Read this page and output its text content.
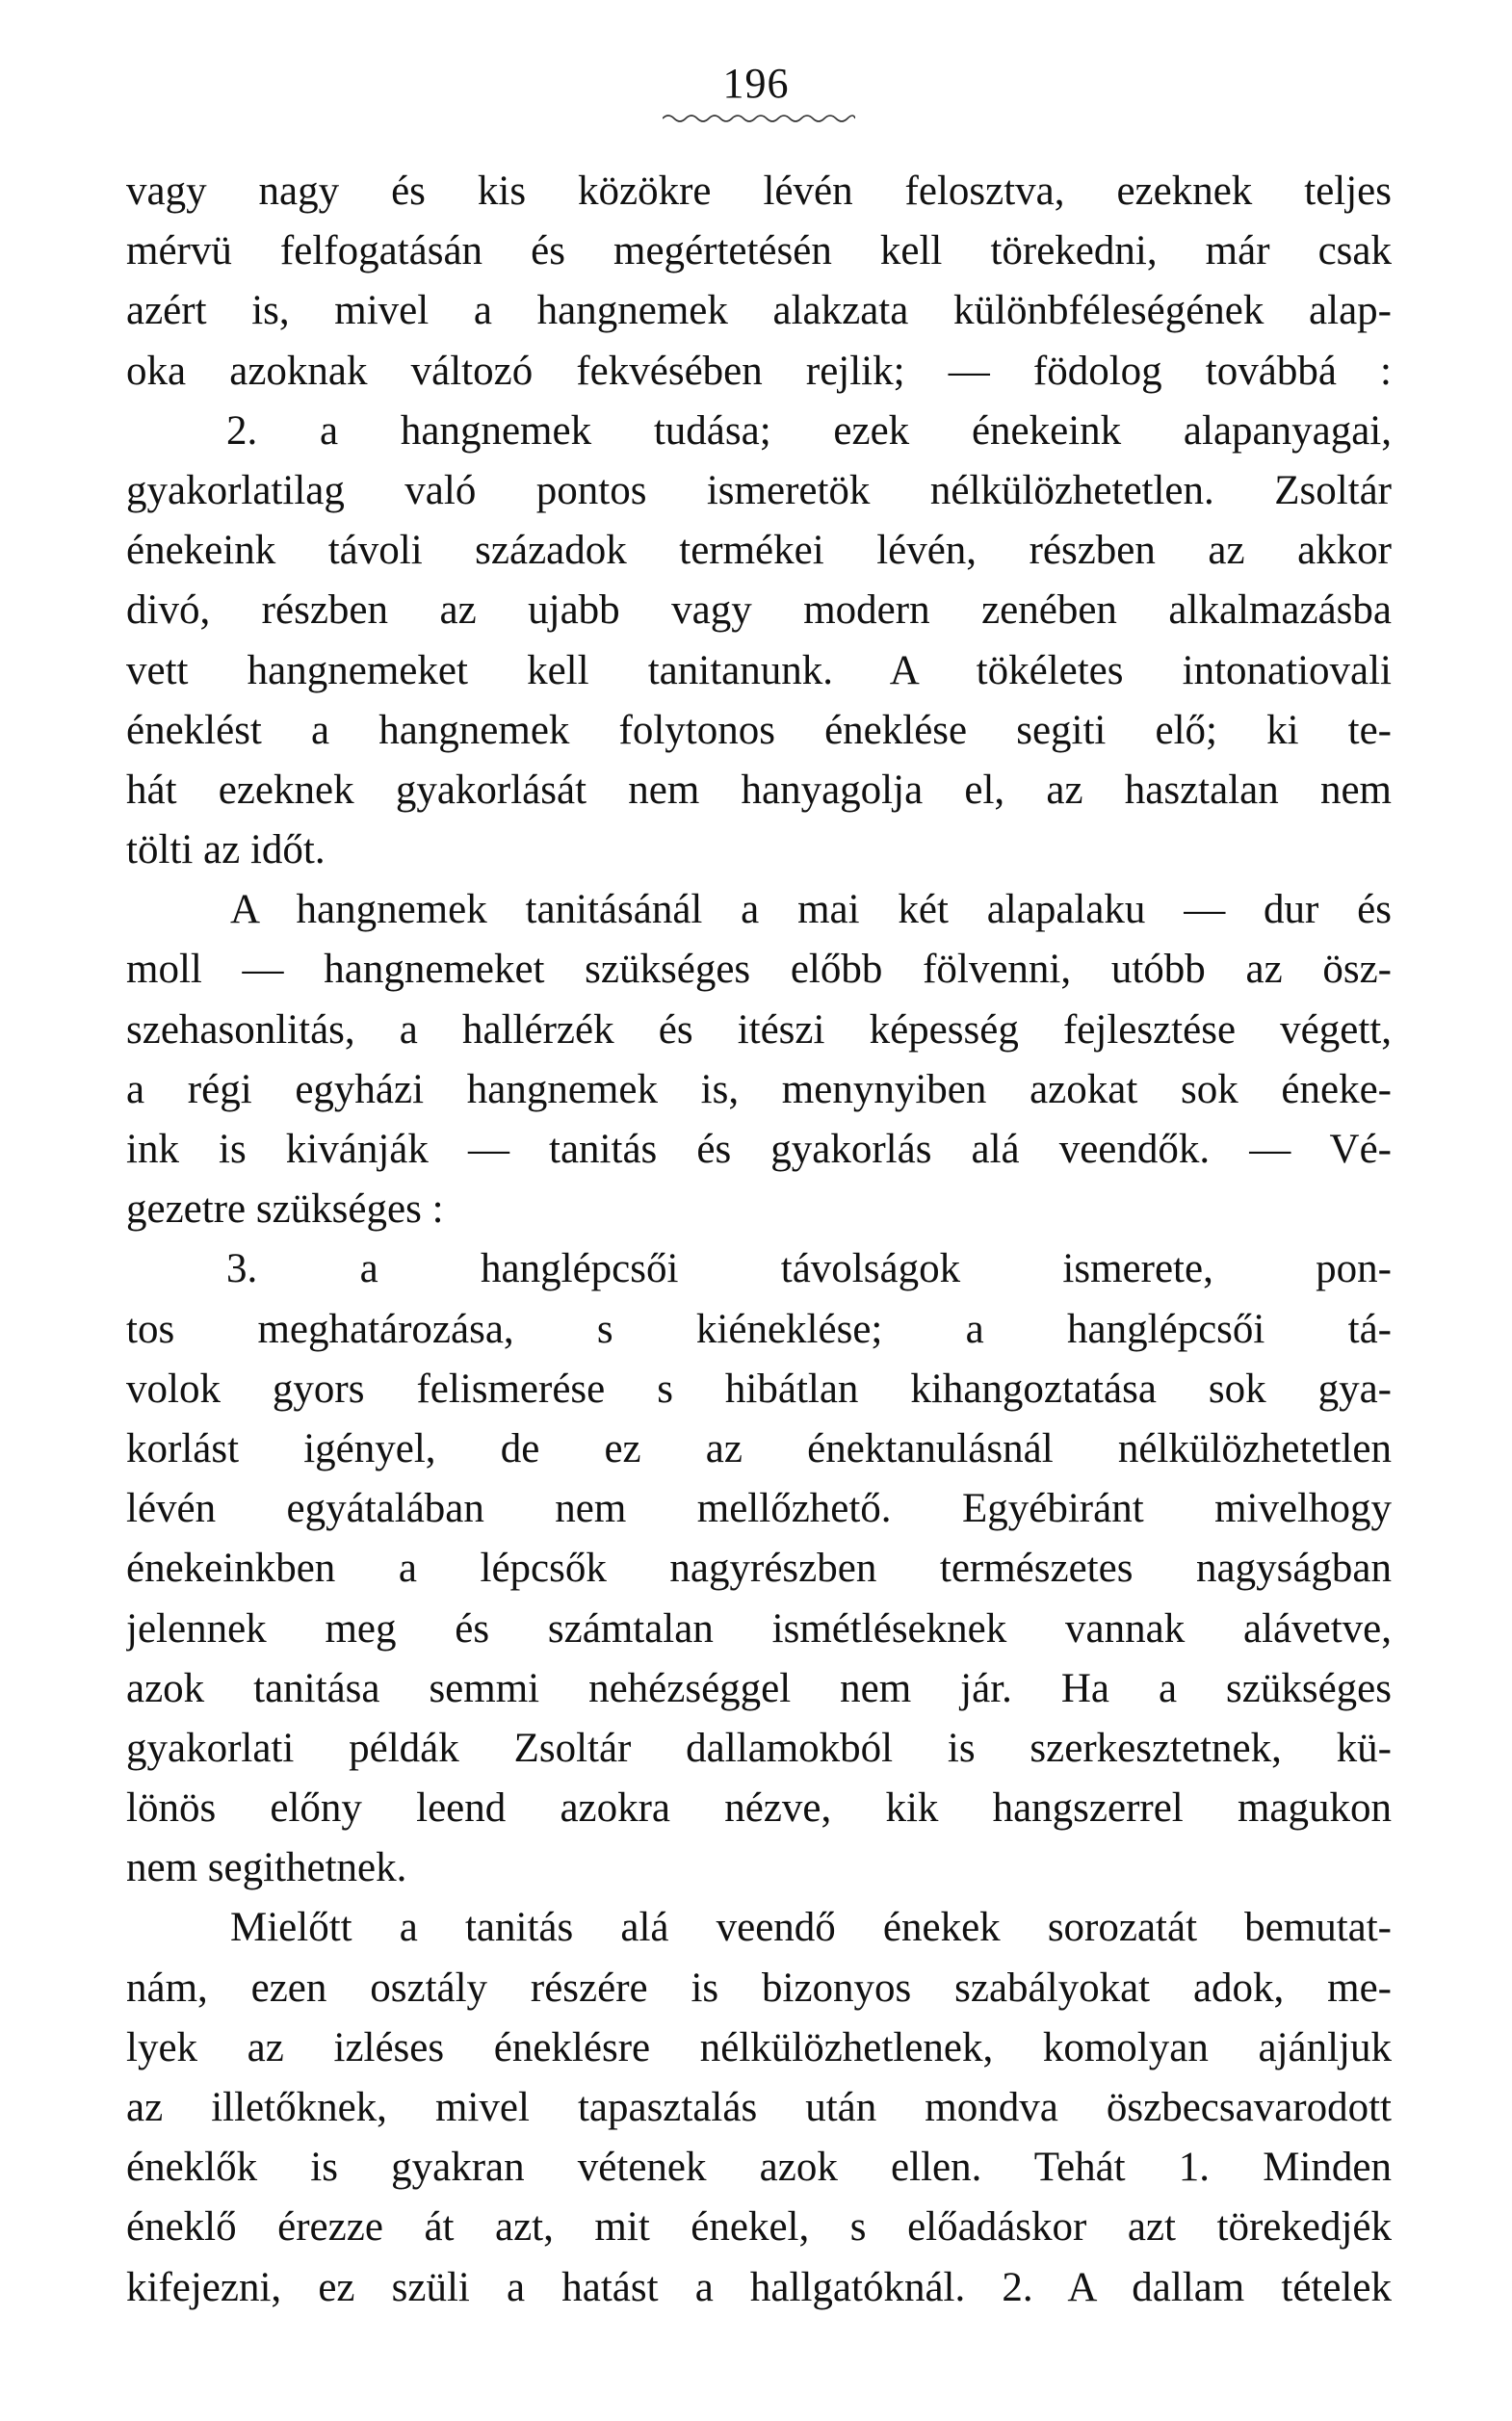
196
vagy nagy és kis közökre lévén felosztva, ezeknek teljes
mérvü felfogatásán és megértetésén kell törekedni, már csak
azért is, mivel a hangnemek alakzata különbféleségének alap-
oka azoknak változó fekvésében rejlik; — födolog továbbá :
2. a hangnemek tudása; ezek énekeink alapanyagai,
gyakorlatilag való pontos ismeretök nélkülözhetetlen. Zsoltár
énekeink távoli századok termékei lévén, részben az akkor
divó, részben az ujabb vagy modern zenében alkalmazásba
vett hangnemeket kell tanitanunk. A tökéletes intonatiovali
éneklést a hangnemek folytonos éneklése segiti elő; ki te-
hát ezeknek gyakorlását nem hanyagolja el, az hasztalan nem
tölti az időt.
A hangnemek tanitásánál a mai két alapalaku — dur és
moll — hangnemeket szükséges előbb fölvenni, utóbb az ösz-
szehasonlitás, a hallérzék és itészi képesség fejlesztése végett,
a régi egyházi hangnemek is, menynyiben azokat sok éneke-
ink is kivánják — tanitás és gyakorlás alá veendők. — Vé-
gezetre szükséges :
3. a hanglépcsői távolságok ismerete, pon-
tos meghatározása, s kiéneklése; a hanglépcsői tá-
volok gyors felismerése s hibátlan kihangoztatása sok gya-
korlást igényel, de ez az énektanulásnál nélkülözhetetlen
lévén egyátalában nem mellőzhető. Egyébiránt mivelhogy
énekeinkben a lépcsők nagyrészben természetes nagyságban
jelennek meg és számtalan ismétléseknek vannak alávetve,
azok tanitása semmi nehézséggel nem jár. Ha a szükséges
gyakorlati példák Zsoltár dallamokból is szerkesztetnek, kü-
lönös előny leend azokra nézve, kik hangszerrel magukon
nem segithetnek.
Mielőtt a tanitás alá veendő énekek sorozatát bemutat-
nám, ezen osztály részére is bizonyos szabályokat adok, me-
lyek az izléses éneklésre nélkülözhetlenek, komolyan ajánljuk
az illetőknek, mivel tapasztalás után mondva öszbecsavarodott
éneklők is gyakran vétenek azok ellen. Tehát 1. Minden
éneklő érezze át azt, mit énekel, s előadáskor azt törekedjék
kifejezni, ez szüli a hatást a hallgatóknál. 2. A dallam tételek
